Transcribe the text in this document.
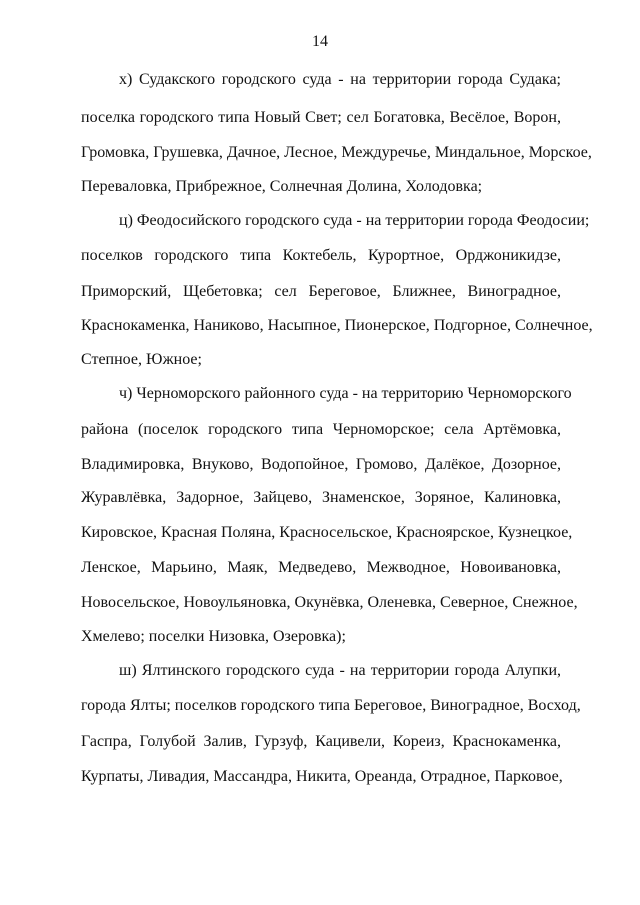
14
х) Судакского городского суда - на территории города Судака;
поселка городского типа Новый Свет; сел Богатовка, Весёлое, Ворон,
Громовка, Грушевка, Дачное, Лесное, Междуречье, Миндальное, Морское,
Переваловка, Прибрежное, Солнечная Долина, Холодовка;
ц) Феодосийского городского суда - на территории города Феодосии;
поселков городского типа Коктебель, Курортное, Орджоникидзе,
Приморский, Щебетовка; сел Береговое, Ближнее, Виноградное,
Краснокаменка, Наниково, Насыпное, Пионерское, Подгорное, Солнечное,
Степное, Южное;
ч) Черноморского районного суда - на территорию Черноморского
района (поселок городского типа Черноморское; села Артёмовка,
Владимировка, Внуково, Водопойное, Громово, Далёкое, Дозорное,
Журавлёвка, Задорное, Зайцево, Знаменское, Зоряное, Калиновка,
Кировское, Красная Поляна, Красносельское, Красноярское, Кузнецкое,
Ленское, Марьино, Маяк, Медведево, Межводное, Новоивановка,
Новосельское, Новоульяновка, Окунёвка, Оленевка, Северное, Снежное,
Хмелево; поселки Низовка, Озеровка);
ш) Ялтинского городского суда - на территории города Алупки,
города Ялты; поселков городского типа Береговое, Виноградное, Восход,
Гаспра, Голубой Залив, Гурзуф, Кацивели, Кореиз, Краснокаменка,
Курпаты, Ливадия, Массандра, Никита, Ореанда, Отрадное, Парковое,
